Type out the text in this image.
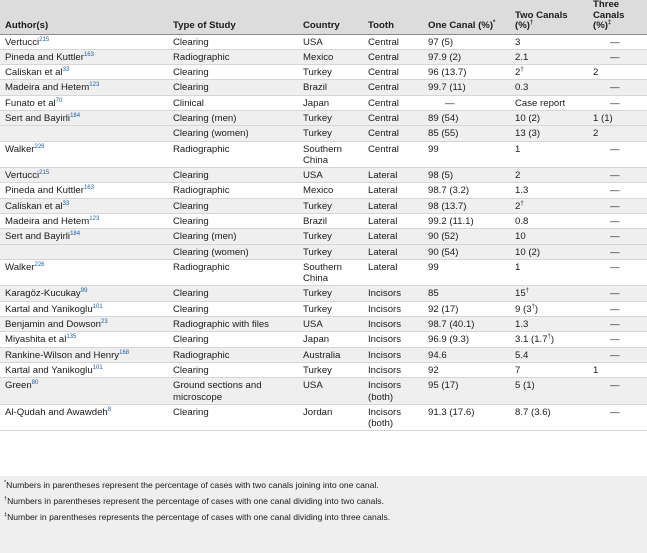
Author(s)	Type of Study	Country	Tooth	One Canal (%)*	Two Canals (%)†	Three Canals (%)‡
Vertucci$^{215}$	Clearing	USA	Central	97 (5)	3	—
Pineda and Kuttler$^{163}$	Radiographic	Mexico	Central	97.9 (2)	2.1	—
Caliskan et $al^{33}$	Clearing	Turkey	Central	96 (13.7)	2†	2
Madeira and Hetem$^{123}$	Clearing	Brazil	Central	99.7 (11)	0.3	—
Funato et $al^{70}$	Clinical	Japan	Central	—	Case report	—
Sert and Bayirli$^{184}$	Clearing (men)	Turkey	Central	89 (54)	10 (2)	1 (1)
	Clearing (women)	Turkey	Central	85 (55)	13 (3)	2
Walker$^{226}$	Radiographic	Southern China	Central	99	1	—
Vertucci$^{215}$	Clearing	USA	Lateral	98 (5)	2	—
Pineda and Kuttler$^{163}$	Radiographic	Mexico	Lateral	98.7 (3.2)	1.3	—
Caliskan et $al^{33}$	Clearing	Turkey	Lateral	98 (13.7)	2†	—
Madeira and Hetem$^{123}$	Clearing	Brazil	Lateral	99.2 (11.1)	0.8	—
Sert and Bayirli$^{184}$	Clearing (men)	Turkey	Lateral	90 (52)	10	—
	Clearing (women)	Turkey	Lateral	90 (54)	10 (2)	—
Walker$^{226}$	Radiographic	Southern China	Lateral	99	1	—
Karagöz-Kucukay$^{99}$	Clearing	Turkey	Incisors	85	15†	—
Kartal and Yanikoglu$^{101}$	Clearing	Turkey	Incisors	92 (17)	9 (3†)	—
Benjamin and Dowson$^{23}$	Radiographic with files	USA	Incisors	98.7 (40.1)	1.3	—
Miyashita et $al^{135}$	Clearing	Japan	Incisors	96.9 (9.3)	3.1 (1.7†)	—
Rankine-Wilson and Henry$^{168}$	Radiographic	Australia	Incisors	94.6	5.4	—
Kartal and Yanikoglu$^{101}$	Clearing	Turkey	Incisors	92	7	1
Green$^{80}$	Ground sections and microscope	USA	Incisors (both)	95 (17)	5 (1)	—
Al-Qudah and Awawdeh$^8$	Clearing	Jordan	Incisors (both)	91.3 (17.6)	8.7 (3.6)	—
*Numbers in parentheses represent the percentage of cases with two canals joining into one canal.
†Numbers in parentheses represent the percentage of cases with one canal dividing into two canals.
‡Number in parentheses represents the percentage of cases with one canal dividing into three canals.
